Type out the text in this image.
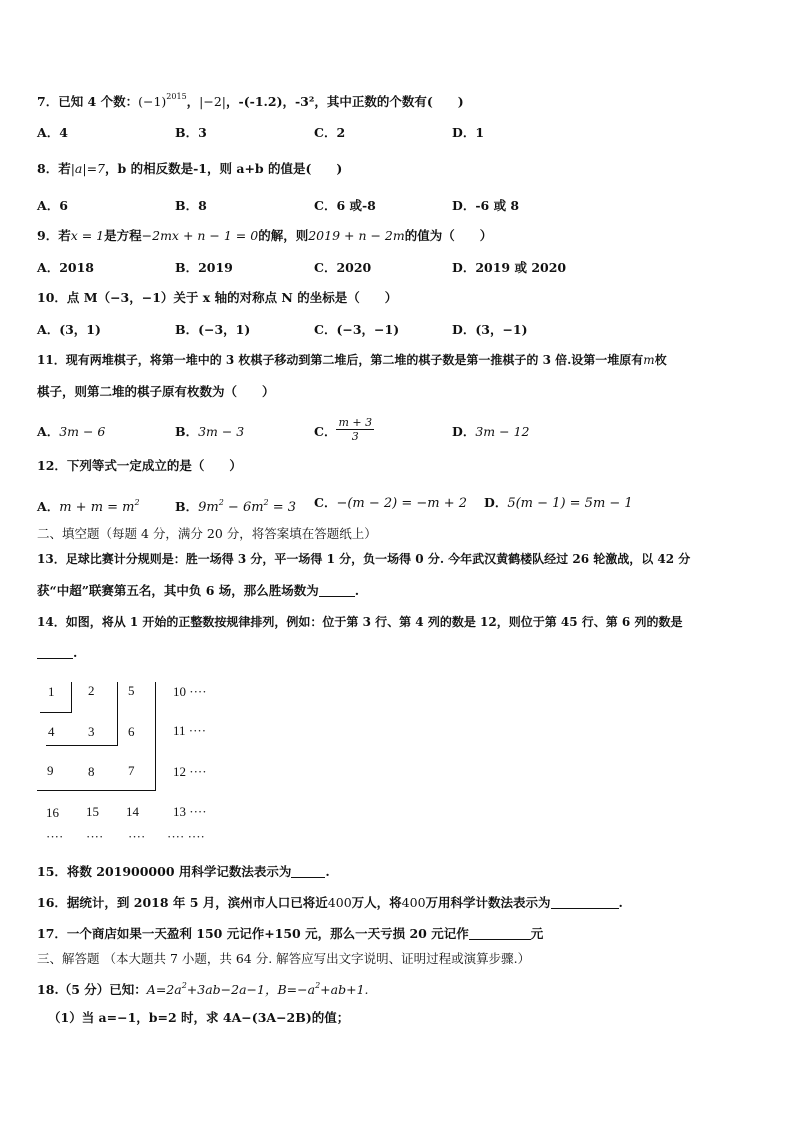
7．已知 4 个数：$(-1)^{2015}$，|−2|，-(-1.2)，-3²，其中正数的个数有(　　)
A．4	B．3	C．2	D．1
8．若|a|=7，b 的相反数是-1，则 a+b 的值是(　　)
A．6	B．8	C．6 或-8	D．-6 或 8
9．若x = 1是方程−2mx + n − 1 = 0的解，则2019 + n − 2m的值为（　　）
A．2018	B．2019	C．2020	D．2019 或 2020
10．点 M（−3，−1）关于 x 轴的对称点 N 的坐标是（　　）
A．(3，1)	B．(−3，1)	C．(−3，−1)	D．(3，−1)
11．现有两堆棋子，将第一堆中的 3 枚棋子移动到第二堆后，第二堆的棋子数是第一推棋子的 3 倍.设第一堆原有m枚
棋子，则第二堆的棋子原有枚数为（　　）
A．3m − 6	B．3m − 3	C． $\frac{m + 3}{3}$	D．3m − 12
12．下列等式一定成立的是（　　）
A．$m + m = m^2$	B．$9m^2 - 6m^2 = 3$ C．−(m − 2) = −m + 2 D．5(m − 1) = 5m − 1
二、填空题（每题 4 分，满分 20 分，将答案填在答题纸上）
13．足球比赛计分规则是：胜一场得 3 分，平一场得 1 分，负一场得 0 分. 今年武汉黄鹤楼队经过 26 轮激战，以 42 分
获“中超”联赛第五名，其中负 6 场，那么胜场数为	.
14．如图，将从 1 开始的正整数按规律排列，例如：位于第 3 行、第 4 列的数是 12，则位于第 45 行、第 6 列的数是
.
1	2	5	10 ····
4	3	6	11 ····
9	8	7	12 ····
16 15 14	13 ····
···· ···· ···· ···· ····
15．将数 201900000 用科学记数法表示为	.
16．据统计，到 2018 年 5 月，滨州市人口已将近400万人，将400万用科学计数法表示为	.
17．一个商店如果一天盈利 150 元记作+150 元，那么一天亏损 20 元记作	元
三、解答题 （本大题共 7 小题，共 64 分. 解答应写出文字说明、证明过程或演算步骤.）
18.（5 分）已知：$A=2a^2+3ab-2a-1$，$B=-a^2+ab+1$.
（1）当 a=−1，b=2 时，求 4A−(3A−2B)的值；
